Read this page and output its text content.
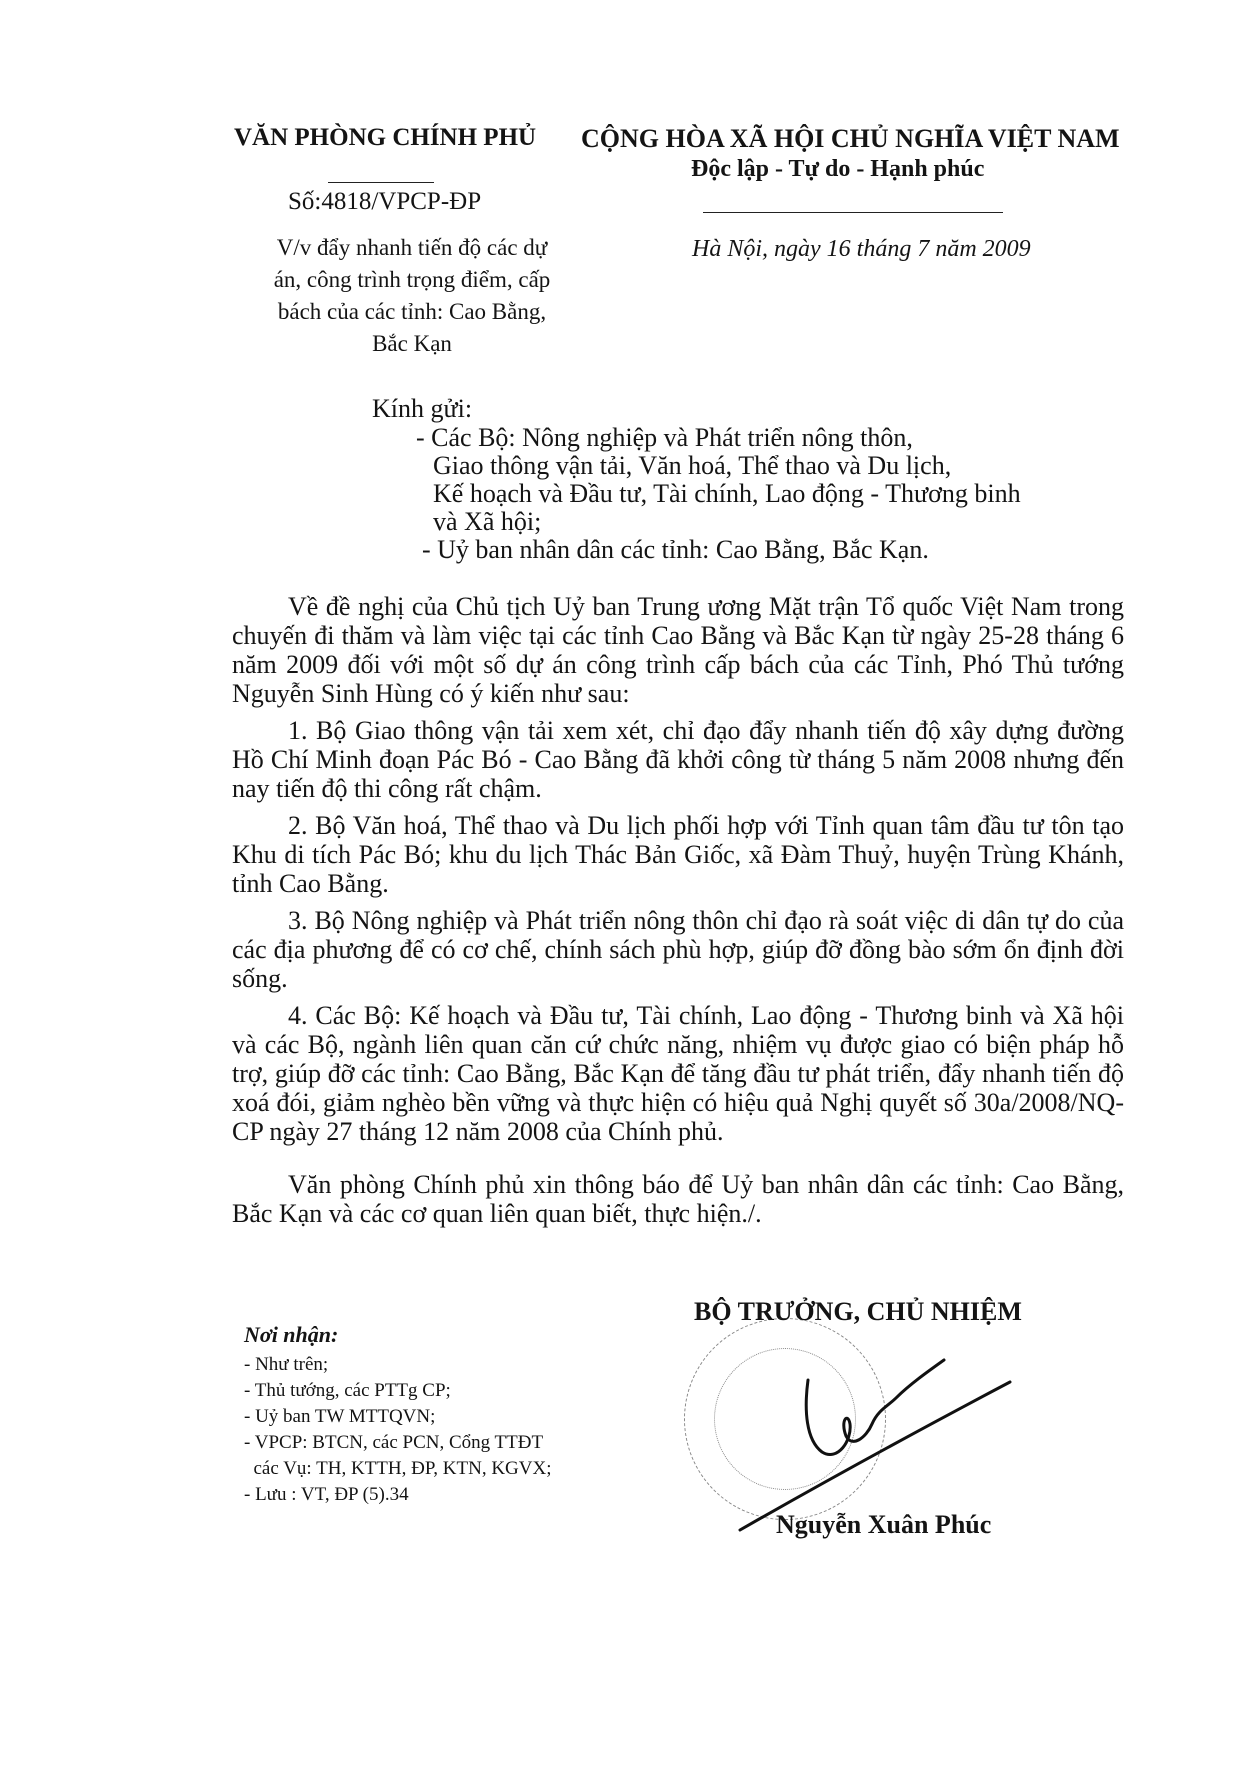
VĂN PHÒNG CHÍNH PHỦ
Số:4818/VPCP-ĐP
V/v đẩy nhanh tiến độ các dự
án, công trình trọng điểm, cấp
bách của các tỉnh: Cao Bằng,
Bắc Kạn
CỘNG HÒA XÃ HỘI CHỦ NGHĨA VIỆT NAM
Độc lập - Tự do - Hạnh phúc
Hà Nội, ngày 16 tháng 7 năm 2009
Kính gửi:
- Các Bộ: Nông nghiệp và Phát triển nông thôn,
Giao thông vận tải, Văn hoá, Thể thao và Du lịch,
Kế hoạch và Đầu tư, Tài chính, Lao động - Thương binh
và Xã hội;
- Uỷ ban nhân dân các tỉnh: Cao Bằng, Bắc Kạn.

Về đề nghị của Chủ tịch Uỷ ban Trung ương Mặt trận Tổ quốc Việt Nam trong chuyến đi thăm và làm việc tại các tỉnh Cao Bằng và Bắc Kạn từ ngày 25-28 tháng 6 năm 2009 đối với một số dự án công trình cấp bách của các Tỉnh, Phó Thủ tướng Nguyễn Sinh Hùng có ý kiến như sau:

1. Bộ Giao thông vận tải xem xét, chỉ đạo đẩy nhanh tiến độ xây dựng đường Hồ Chí Minh đoạn Pác Bó - Cao Bằng đã khởi công từ tháng 5 năm 2008 nhưng đến nay tiến độ thi công rất chậm.

2. Bộ Văn hoá, Thể thao và Du lịch phối hợp với Tỉnh quan tâm đầu tư tôn tạo Khu di tích Pác Bó; khu du lịch Thác Bản Giốc, xã Đàm Thuỷ, huyện Trùng Khánh, tỉnh Cao Bằng.

3. Bộ Nông nghiệp và Phát triển nông thôn chỉ đạo rà soát việc di dân tự do của các địa phương để có cơ chế, chính sách phù hợp, giúp đỡ đồng bào sớm ổn định đời sống.

4. Các Bộ: Kế hoạch và Đầu tư, Tài chính, Lao động - Thương binh và Xã hội và các Bộ, ngành liên quan căn cứ chức năng, nhiệm vụ được giao có biện pháp hỗ trợ, giúp đỡ các tỉnh: Cao Bằng, Bắc Kạn để tăng đầu tư phát triển, đẩy nhanh tiến độ xoá đói, giảm nghèo bền vững và thực hiện có hiệu quả Nghị quyết số 30a/2008/NQ-CP ngày 27 tháng 12 năm 2008 của Chính phủ.

Văn phòng Chính phủ xin thông báo để Uỷ ban nhân dân các tỉnh: Cao Bằng, Bắc Kạn và các cơ quan liên quan biết, thực hiện./.

Nơi nhận:
- Như trên;
- Thủ tướng, các PTTg CP;
- Uỷ ban TW MTTQVN;
- VPCP: BTCN, các PCN, Cổng TTĐT
các Vụ: TH, KTTH, ĐP, KTN, KGVX;
- Lưu : VT, ĐP (5).34
BỘ TRƯỞNG, CHỦ NHIỆM
Nguyễn Xuân Phúc
